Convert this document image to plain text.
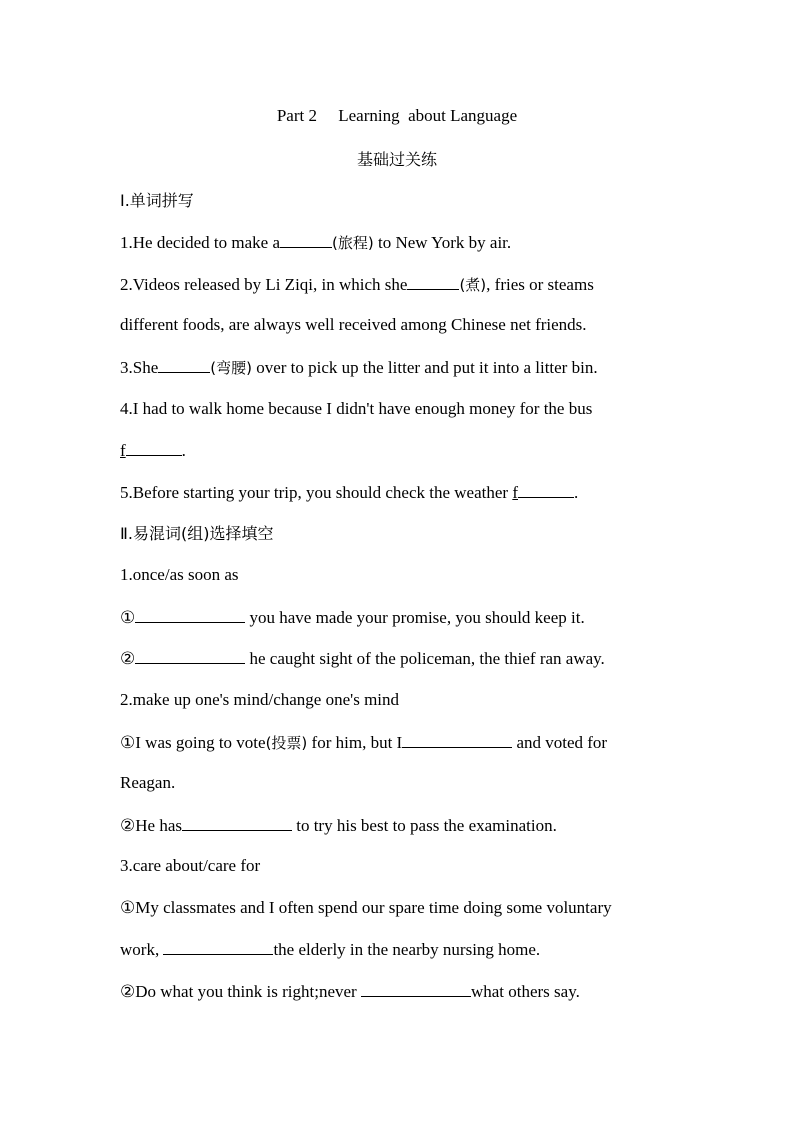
Part 2     Learning  about Language
基础过关练
Ⅰ.单词拼写
1.He decided to make a	(旅程) to New York by air.
2.Videos released by Li Ziqi, in which she	(煮), fries or steams
different foods, are always well received among Chinese net friends.
3.She	(弯腰) over to pick up the litter and put it into a litter bin.
4.I had to walk home because I didn't have enough money for the bus
f	.
5.Before starting your trip, you should check the weather f	.
Ⅱ.易混词(组)选择填空
1.once/as soon as
①	you have made your promise, you should keep it.
②	he caught sight of the policeman, the thief ran away.
2.make up one's mind/change one's mind
①I was going to vote(投票) for him, but I	and voted for
Reagan.
②He has	to try his best to pass the examination.
3.care about/care for
①My classmates and I often spend our spare time doing some voluntary
work,	the elderly in the nearby nursing home.
②Do what you think is right;never	what others say.
